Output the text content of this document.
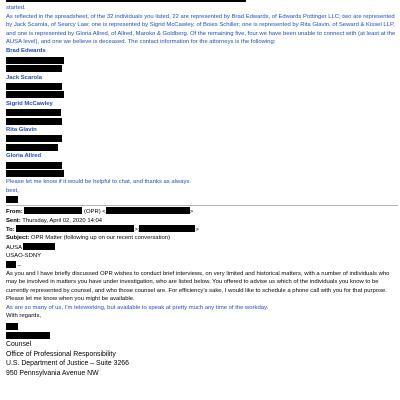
started.
As reflected in the spreadsheet, of the 32 individuals you listed, 22 are represented by Brad Edwards, of Edwards Pottinger LLC; two are represented by Jack Scarola, of Searcy Law; one is represented by Sigrid McCawley, of Boies Schiller; one is represented by Rita Glavin, of Seward & Kissel LLP, and one is represented by Gloria Allred, of Allred, Maroko & Goldberg. Of the remaining five, four we have been unable to connect with (at least at the AUSA level), and one we believe is deceased. The contact information for the attorneys is the following:
Brad Edwards
Jack Scarola
Sigrid McCawley
Rita Glavin
Gloria Allred
Please let me know if it would be helpful to chat, and thanks as always.
best,
From:	(OPR) <	>
Sent: Thursday, April 02, 2020 14:04
To:	>;	>
Subject: OPR Matter (following up on our recent conversation)
AUSA
USAO-SDNY
–
As you and I have briefly discussed OPR wishes to conduct brief interviews, on very limited and historical matters, with a number of individuals who may be involved in matters you have under investigation, who are listed below. You offered to advise us which of the individuals you know to be currently represented by counsel, and who those counsel are. For efficiency’s sake, I would like to schedule a phone call with you for that purpose. Please let me know when you might be available.
As are so many of us, I’m teleworking, but available to speak at pretty much any time of the workday.
With regards,
Counsel
Office of Professional Responsibility
U.S. Department of Justice – Suite 3266
950 Pennsylvania Avenue NW
